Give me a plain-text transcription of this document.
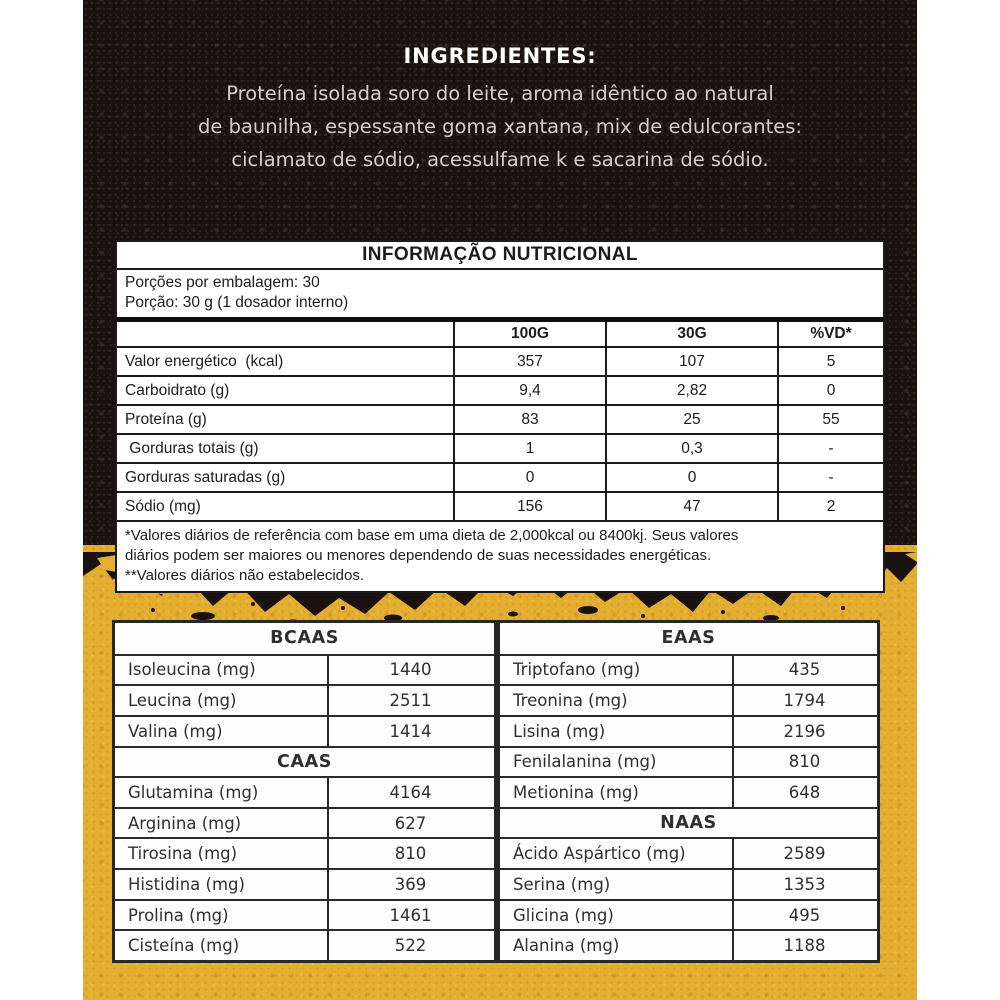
INGREDIENTES:
Proteína isolada soro do leite, aroma idêntico ao natural
de baunilha, espessante goma xantana, mix de edulcorantes:
ciclamato de sódio, acessulfame k e sacarina de sódio.
INFORMAÇÃO NUTRICIONAL
Porções por embalagem: 30
Porção: 30 g (1 dosador interno)
100G	30G	%VD*
Valor energético  (kcal)	357	107	5
Carboidrato (g)	9,4	2,82	0
Proteína (g)	83	25	55
Gorduras totais (g)	1	0,3	-
Gorduras saturadas (g)	0	0	-
Sódio (mg)	156	47	2
*Valores diários de referência com base em uma dieta de 2,000kcal ou 8400kj. Seus valores
diários podem ser maiores ou menores dependendo de suas necessidades energéticas.
**Valores diários não estabelecidos.
BCAAS
Isoleucina (mg)	1440
Leucina (mg)	2511
Valina (mg)	1414
CAAS
Glutamina (mg)	4164
Arginina (mg)	627
Tirosina (mg)	810
Histidina (mg)	369
Prolina (mg)	1461
Cisteína (mg)	522
EAAS
Triptofano (mg)	435
Treonina (mg)	1794
Lisina (mg)	2196
Fenilalanina (mg)	810
Metionina (mg)	648
NAAS
Ácido Aspártico (mg)	2589
Serina (mg)	1353
Glicina (mg)	495
Alanina (mg)	1188
